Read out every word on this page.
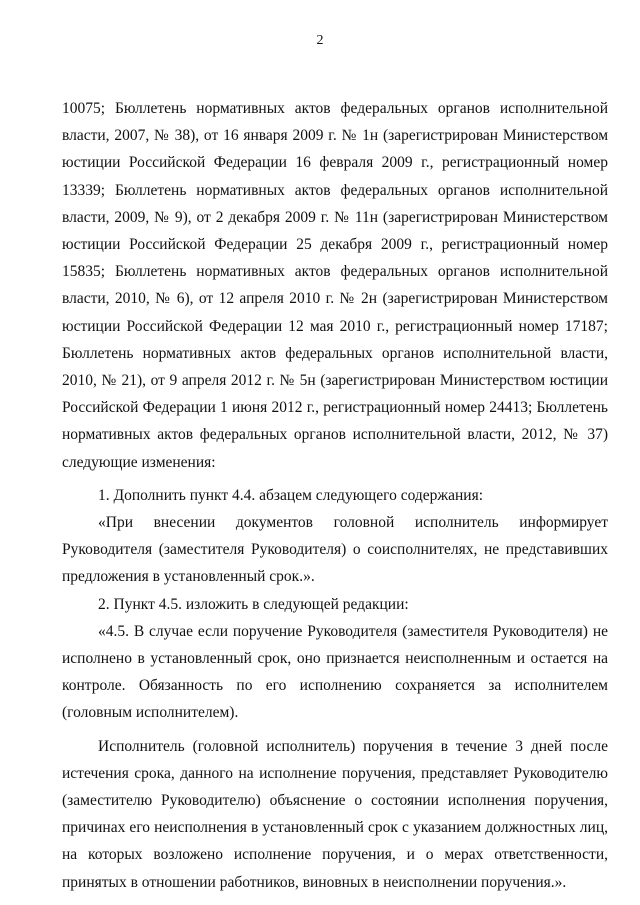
2

10075; Бюллетень нормативных актов федеральных органов исполнительной власти, 2007, № 38), от 16 января 2009 г. № 1н (зарегистрирован Министерством юстиции Российской Федерации 16 февраля 2009 г., регистрационный номер 13339; Бюллетень нормативных актов федеральных органов исполнительной власти, 2009, № 9), от 2 декабря 2009 г. № 11н (зарегистрирован Министерством юстиции Российской Федерации 25 декабря 2009 г., регистрационный номер 15835; Бюллетень нормативных актов федеральных органов исполнительной власти, 2010, № 6), от 12 апреля 2010 г. № 2н (зарегистрирован Министерством юстиции Российской Федерации 12 мая 2010 г., регистрационный номер 17187; Бюллетень нормативных актов федеральных органов исполнительной власти, 2010, № 21), от 9 апреля 2012 г. № 5н (зарегистрирован Министерством юстиции Российской Федерации 1 июня 2012 г., регистрационный номер 24413; Бюллетень нормативных актов федеральных органов исполнительной власти, 2012, № 37) следующие изменения:

1. Дополнить пункт 4.4. абзацем следующего содержания:

«При внесении документов головной исполнитель информирует Руководителя (заместителя Руководителя) о соисполнителях, не представивших предложения в установленный срок.».

2. Пункт 4.5. изложить в следующей редакции:

«4.5. В случае если поручение Руководителя (заместителя Руководителя) не исполнено в установленный срок, оно признается неисполненным и остается на контроле. Обязанность по его исполнению сохраняется за исполнителем (головным исполнителем).

Исполнитель (головной исполнитель) поручения в течение 3 дней после истечения срока, данного на исполнение поручения, представляет Руководителю (заместителю Руководителю) объяснение о состоянии исполнения поручения, причинах его неисполнения в установленный срок с указанием должностных лиц, на которых возложено исполнение поручения, и о мерах ответственности, принятых в отношении работников, виновных в неисполнении поручения.».
